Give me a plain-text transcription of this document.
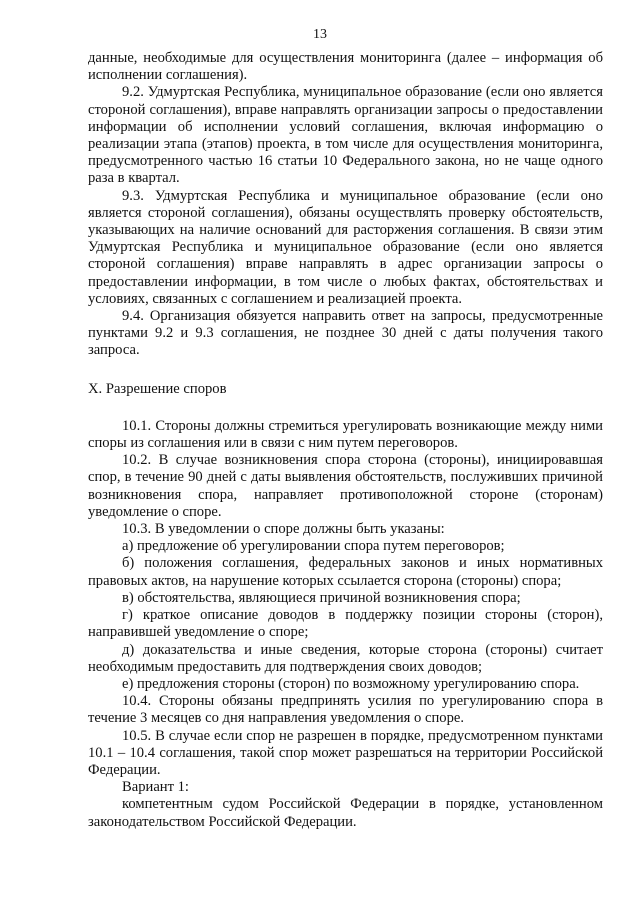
13

данные, необходимые для осуществления мониторинга (далее – информация об исполнении соглашения).

9.2. Удмуртская Республика, муниципальное образование (если оно является стороной соглашения), вправе направлять организации запросы о предоставлении информации об исполнении условий соглашения, включая информацию о реализации этапа (этапов) проекта, в том числе для осуществления мониторинга, предусмотренного частью 16 статьи 10 Федерального закона, но не чаще одного раза в квартал.

9.3. Удмуртская Республика и муниципальное образование (если оно является стороной соглашения), обязаны осуществлять проверку обстоятельств, указывающих на наличие оснований для расторжения соглашения. В связи этим Удмуртская Республика и муниципальное образование (если оно является стороной соглашения) вправе направлять в адрес организации запросы о предоставлении информации, в том числе о любых фактах, обстоятельствах и условиях, связанных с соглашением и реализацией проекта.

9.4. Организация обязуется направить ответ на запросы, предусмотренные пунктами 9.2 и 9.3 соглашения, не позднее 30 дней с даты получения такого запроса.

X. Разрешение споров

10.1. Стороны должны стремиться урегулировать возникающие между ними споры из соглашения или в связи с ним путем переговоров.

10.2. В случае возникновения спора сторона (стороны), инициировавшая спор, в течение 90 дней с даты выявления обстоятельств, послуживших причиной возникновения спора, направляет противоположной стороне (сторонам) уведомление о споре.

10.3. В уведомлении о споре должны быть указаны:

а) предложение об урегулировании спора путем переговоров;

б) положения соглашения, федеральных законов и иных нормативных правовых актов, на нарушение которых ссылается сторона (стороны) спора;

в) обстоятельства, являющиеся причиной возникновения спора;

г) краткое описание доводов в поддержку позиции стороны (сторон), направившей уведомление о споре;

д) доказательства и иные сведения, которые сторона (стороны) считает необходимым предоставить для подтверждения своих доводов;

е) предложения стороны (сторон) по возможному урегулированию спора.

10.4. Стороны обязаны предпринять усилия по урегулированию спора в течение 3 месяцев со дня направления уведомления о споре.

10.5. В случае если спор не разрешен в порядке, предусмотренном пунктами 10.1 – 10.4 соглашения, такой спор может разрешаться на территории Российской Федерации.

Вариант 1:

компетентным судом Российской Федерации в порядке, установленном законодательством Российской Федерации.
